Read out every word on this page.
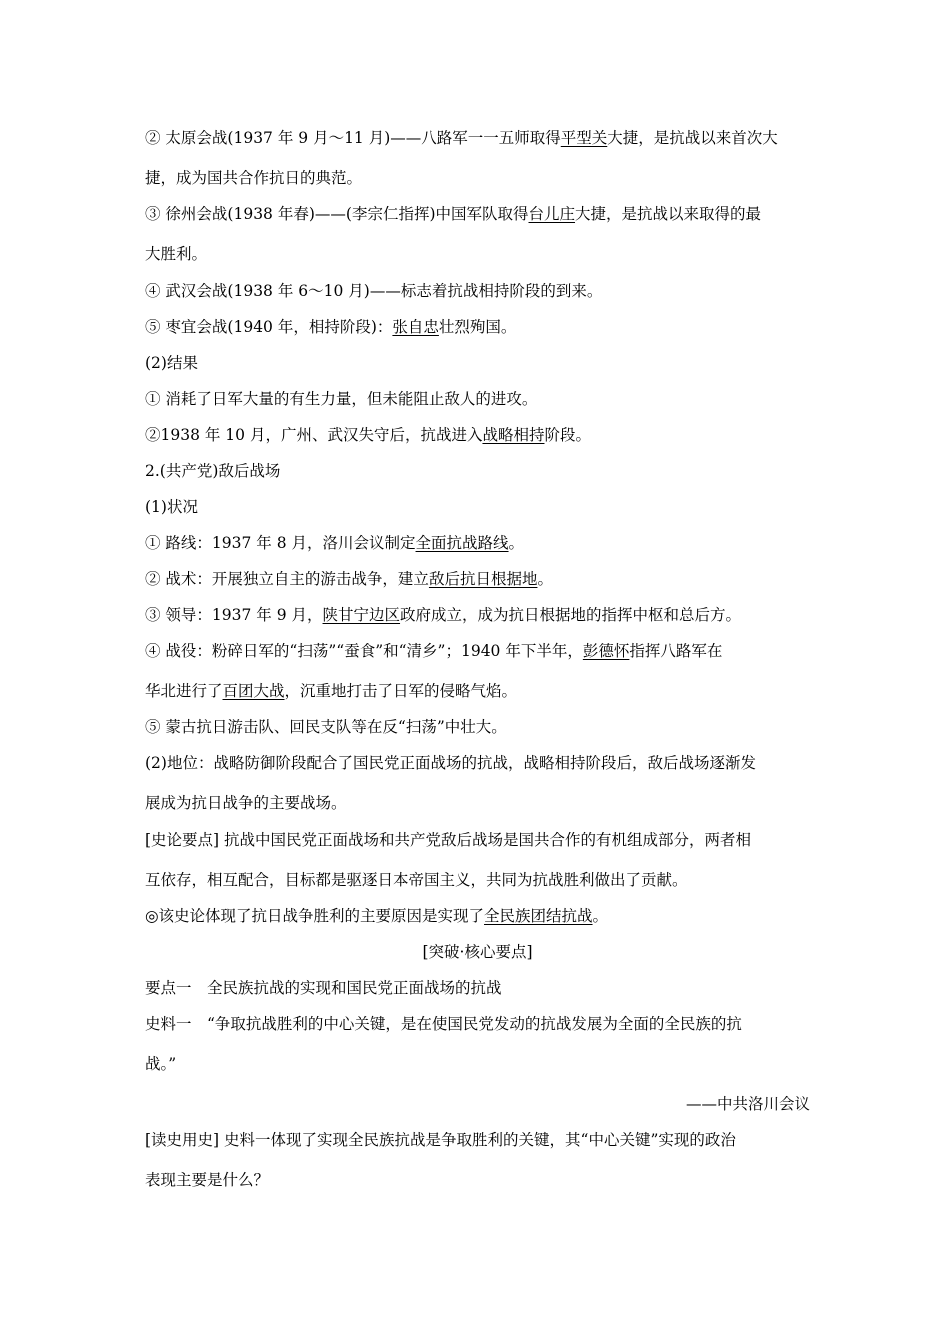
② 太原会战(1937 年 9 月～11 月)——八路军一一五师取得平型关大捷，是抗战以来首次大
捷，成为国共合作抗日的典范。
③ 徐州会战(1938 年春)——(李宗仁指挥)中国军队取得台儿庄大捷，是抗战以来取得的最
大胜利。
④ 武汉会战(1938 年 6～10 月)——标志着抗战相持阶段的到来。
⑤ 枣宜会战(1940 年，相持阶段)：张自忠壮烈殉国。
(2)结果
① 消耗了日军大量的有生力量，但未能阻止敌人的进攻。
②1938 年 10 月，广州、武汉失守后，抗战进入战略相持阶段。
2.(共产党)敌后战场
(1)状况
① 路线：1937 年 8 月，洛川会议制定全面抗战路线。
② 战术：开展独立自主的游击战争，建立敌后抗日根据地。
③ 领导：1937 年 9 月，陕甘宁边区政府成立，成为抗日根据地的指挥中枢和总后方。
④ 战役：粉碎日军的“扫荡”“蚕食”和“清乡”；1940 年下半年，彭德怀指挥八路军在
华北进行了百团大战，沉重地打击了日军的侵略气焰。
⑤ 蒙古抗日游击队、回民支队等在反“扫荡”中壮大。
(2)地位：战略防御阶段配合了国民党正面战场的抗战，战略相持阶段后，敌后战场逐渐发
展成为抗日战争的主要战场。
[史论要点] 抗战中国民党正面战场和共产党敌后战场是国共合作的有机组成部分，两者相
互依存，相互配合，目标都是驱逐日本帝国主义，共同为抗战胜利做出了贡献。
◎该史论体现了抗日战争胜利的主要原因是实现了全民族团结抗战。
[突破·核心要点]
要点一　全民族抗战的实现和国民党正面战场的抗战
史料一　“争取抗战胜利的中心关键，是在使国民党发动的抗战发展为全面的全民族的抗
战。”
——中共洛川会议
[读史用史] 史料一体现了实现全民族抗战是争取胜利的关键，其“中心关键”实现的政治
表现主要是什么？
